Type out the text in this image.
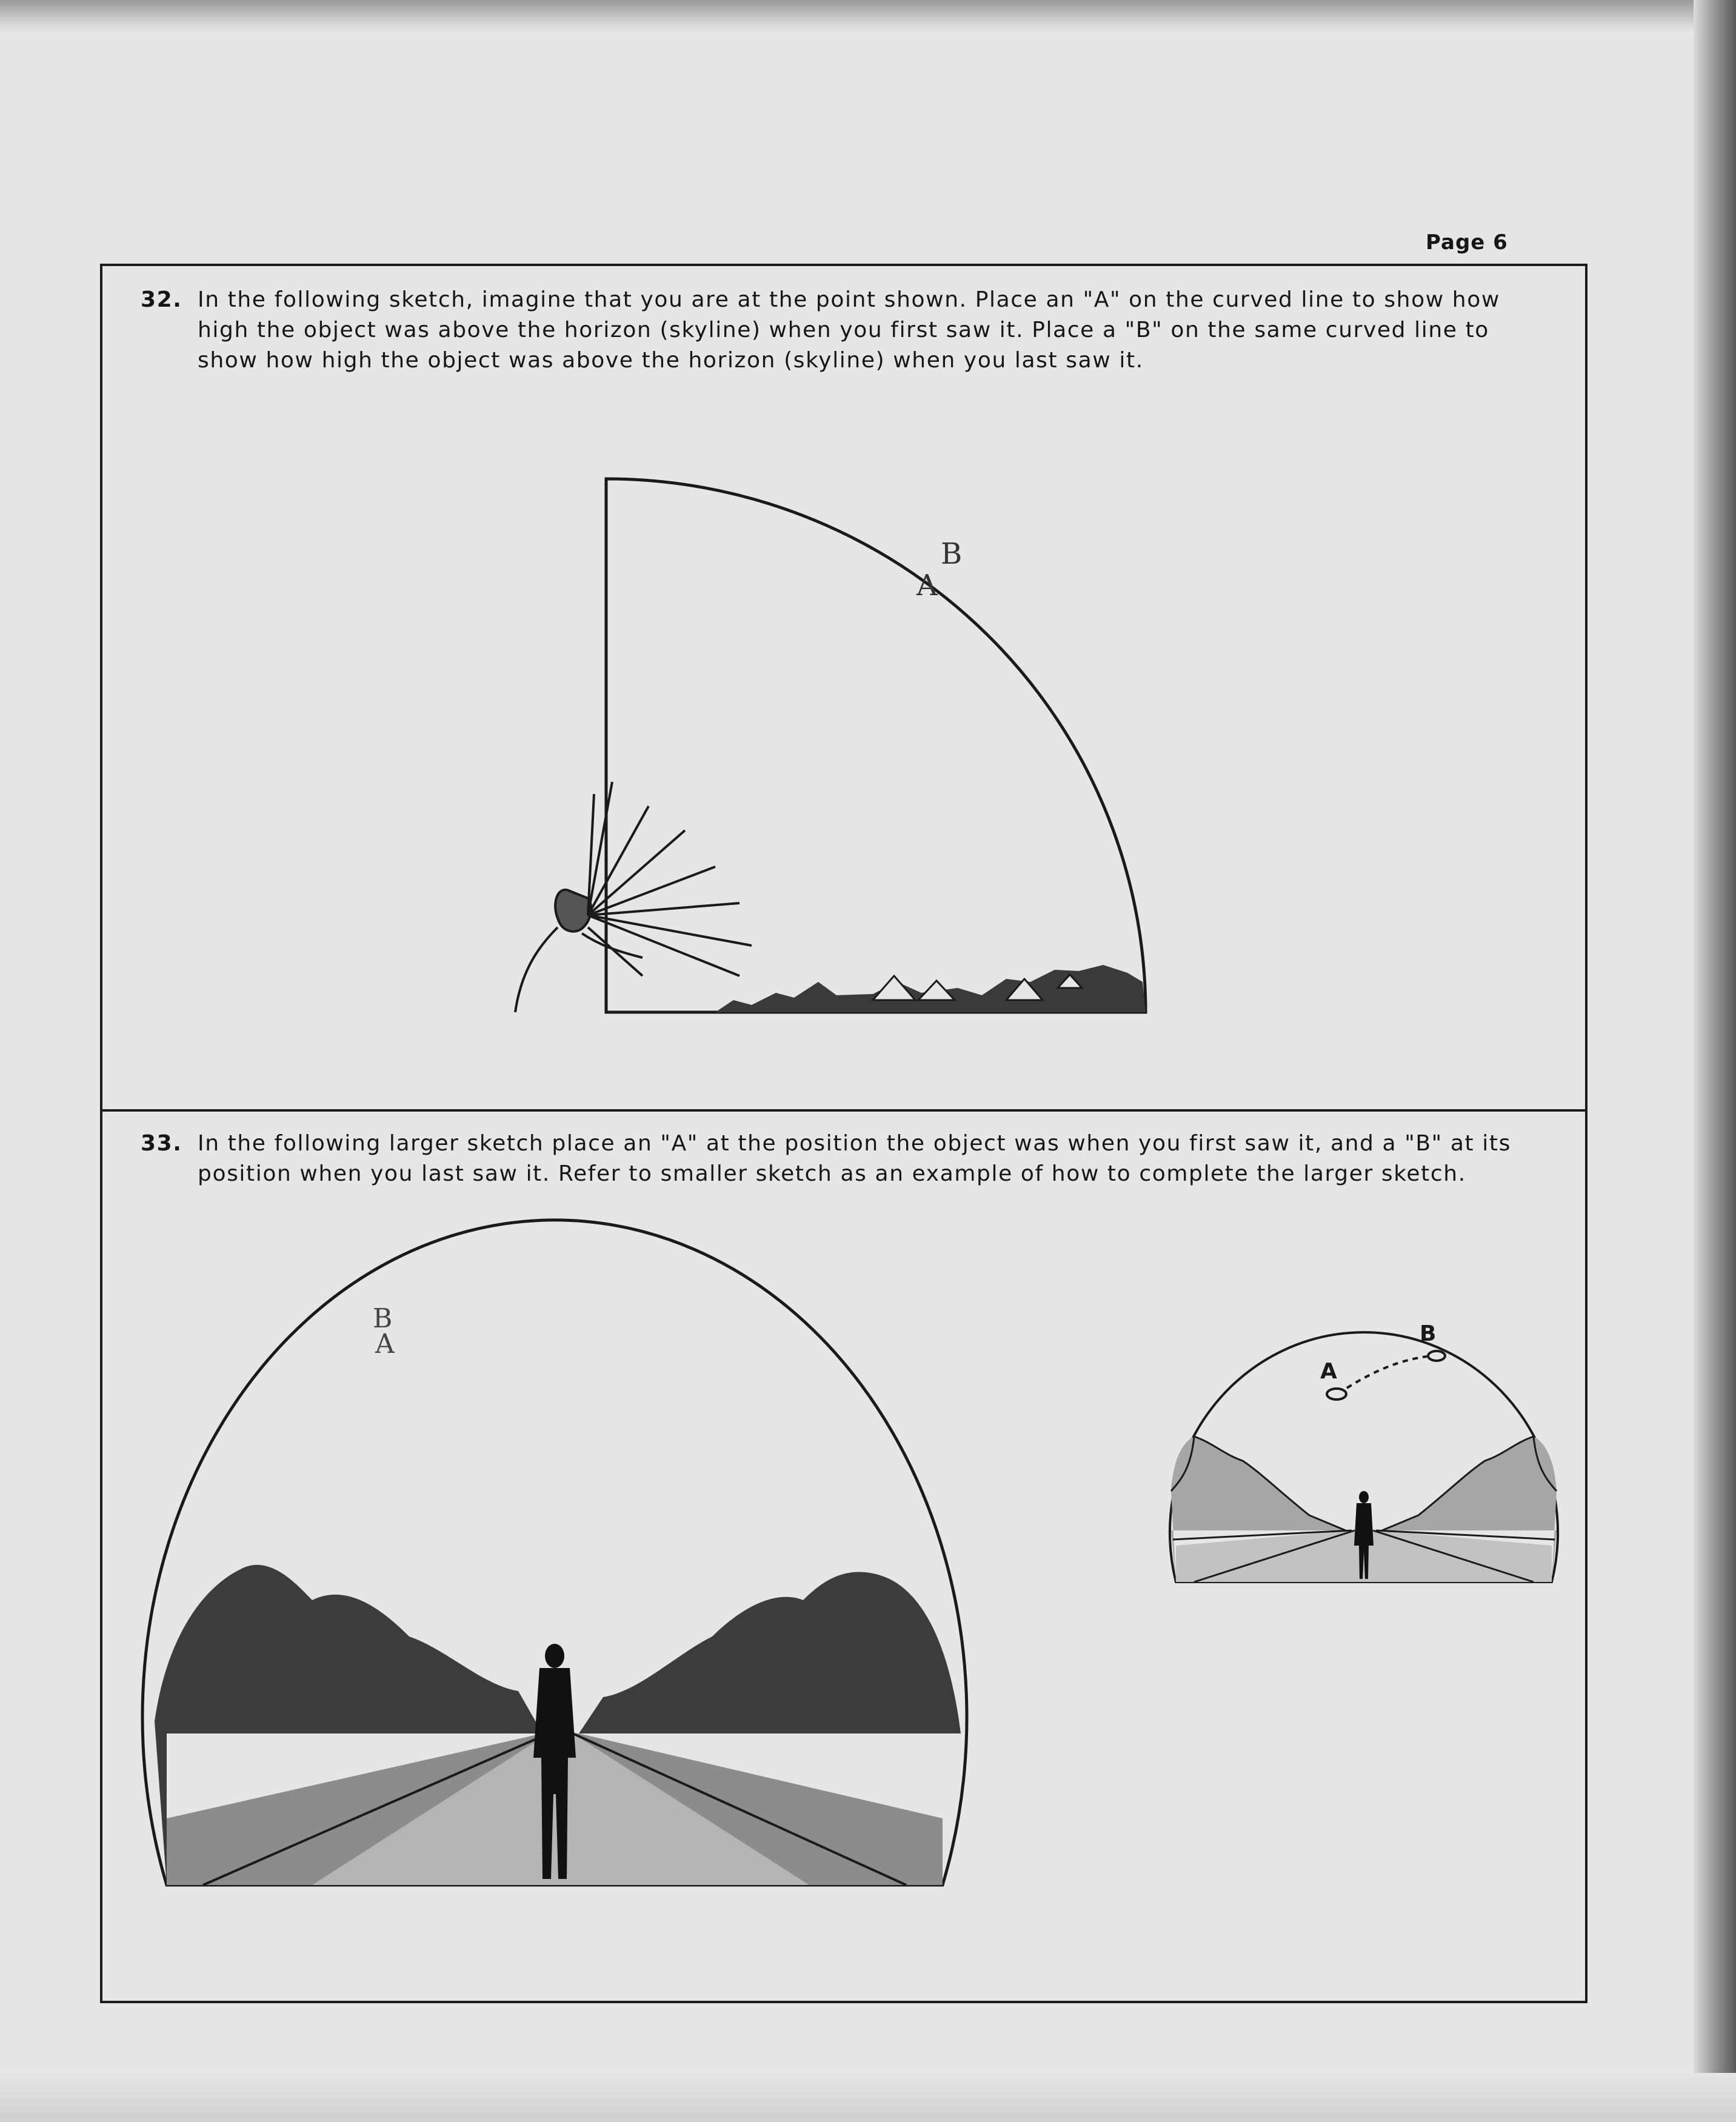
Page 6
32. In the following sketch, imagine that you are at the point shown. Place an "A" on the curved line to show how high the object was above the horizon (skyline) when you first saw it. Place a "B" on the same curved line to show how high the object was above the horizon (skyline) when you last saw it.
B
A
33. In the following larger sketch place an "A" at the position the object was when you first saw it, and a "B" at its position when you last saw it. Refer to smaller sketch as an example of how to complete the larger sketch.
B
A
A
B
